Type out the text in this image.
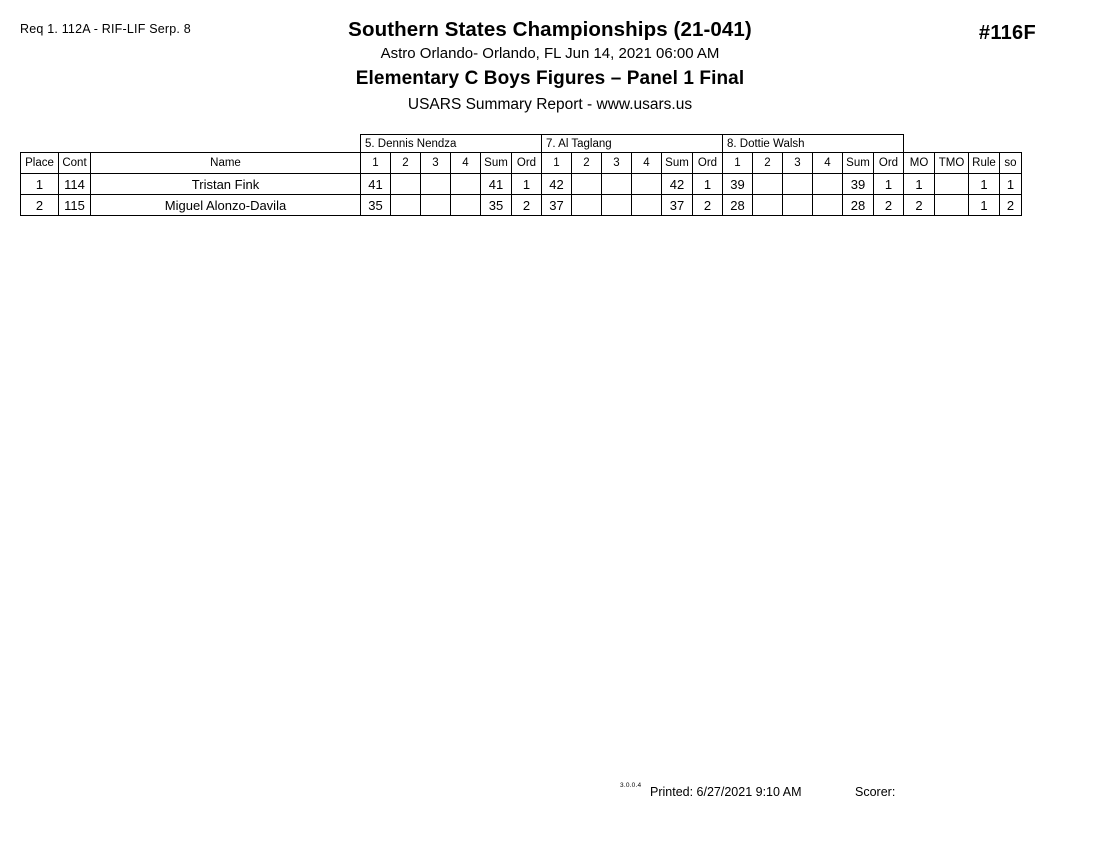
Req 1. 112A - RIF-LIF Serp. 8	#116F
Southern States Championships (21-041)
Astro Orlando- Orlando, FL Jun 14, 2021 06:00 AM
Elementary C Boys Figures – Panel 1 Final
USARS Summary Report - www.usars.us
			5. Dennis Nendza						7. Al Taglang						8. Dottie Walsh									
Place	Cont	Name	1	2	3	4	Sum	Ord	1	2	3	4	Sum	Ord	1	2	3	4	Sum	Ord	MO	TMO	Rule	so
1	114	Tristan Fink	41				41	1	42				42	1	39				39	1	1		1	1
2	115	Miguel Alonzo-Davila	35				35	2	37				37	2	28				28	2	2		1	2
3.0.0.4 Printed: 6/27/2021 9:10 AM	Scorer:
